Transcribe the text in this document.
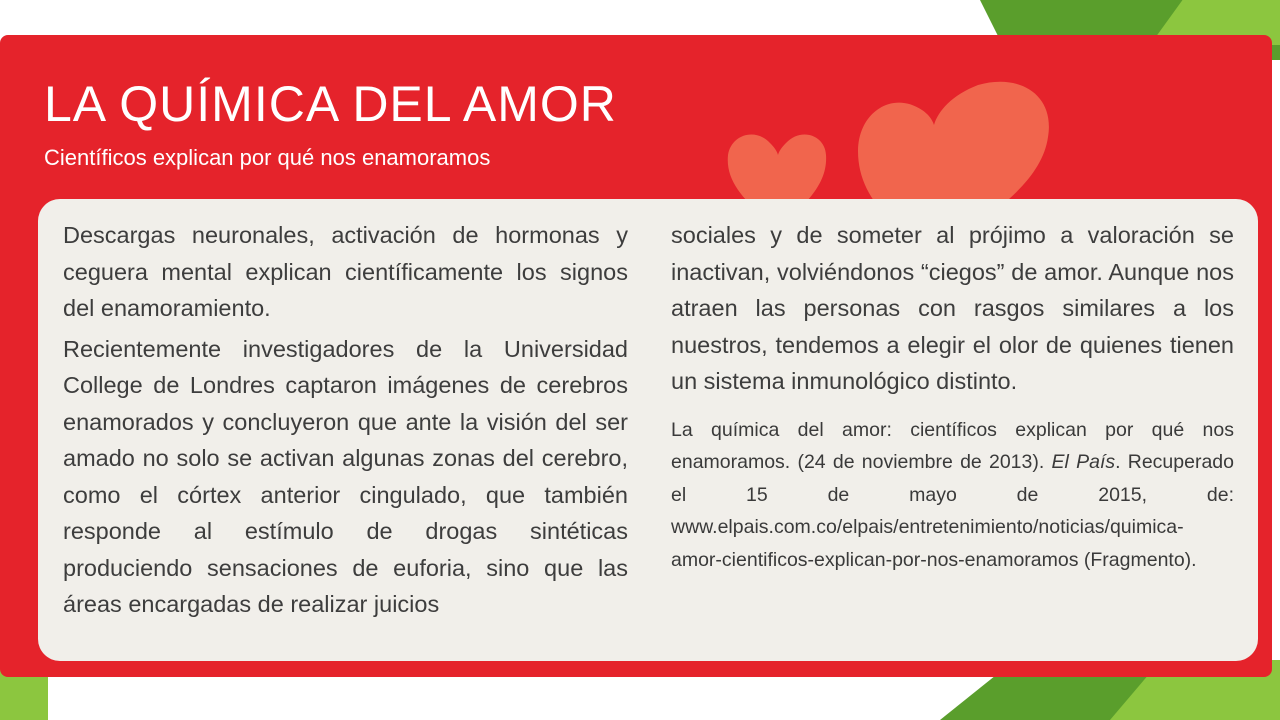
LA QUÍMICA DEL AMOR

Científicos explican por qué nos enamoramos

Descargas neuronales, activación de hormonas y ceguera mental explican científicamente los signos del enamoramiento.

Recientemente investigadores de la Universidad College de Londres captaron imágenes de cerebros enamorados y concluyeron que ante la visión del ser amado no solo se activan algunas zonas del cerebro, como el córtex anterior cingulado, que también responde al estímulo de drogas sintéticas produciendo sensaciones de euforia, sino que las áreas encargadas de realizar juicios

sociales y de someter al prójimo a valoración se inactivan, volviéndonos “ciegos” de amor. Aunque nos atraen las personas con rasgos similares a los nuestros, tendemos a elegir el olor de quienes tienen un sistema inmunológico distinto.

La química del amor: científicos explican por qué nos enamoramos. (24 de noviembre de 2013). El País. Recuperado el 15 de mayo de 2015, de: www.elpais.com.co/elpais/entretenimiento/noticias/quimica-amor-cientificos-explican-por-nos-enamoramos (Fragmento).
